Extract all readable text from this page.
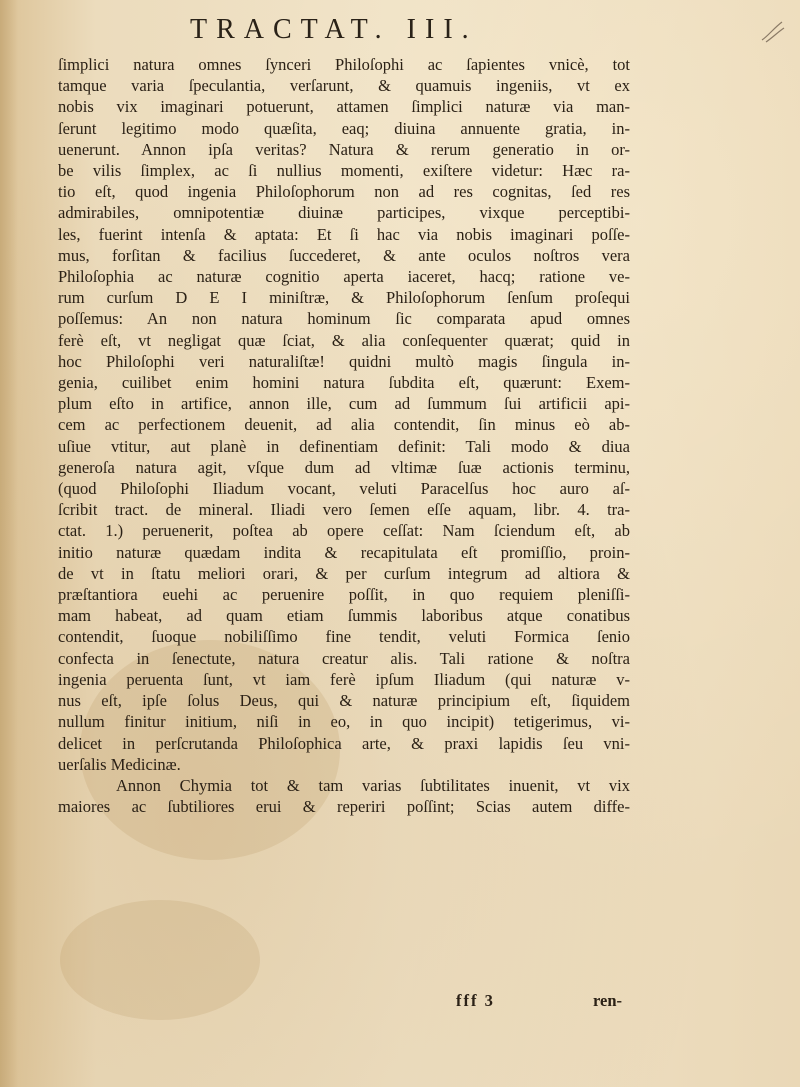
TRACTAT. III.
ſimplici natura omnes ſynceri Philoſophi ac ſapientes vnicè, tot
tamque varia ſpeculantia, verſarunt, & quamuis ingeniis, vt ex
nobis vix imaginari potuerunt, attamen ſimplici naturæ via man-
ſerunt legitimo modo quæſita, eaq; diuina annuente gratia, in-
uenerunt. Annon ipſa veritas? Natura & rerum generatio in or-
be vilis ſimplex, ac ſi nullius momenti, exiſtere videtur: Hæc ra-
tio eſt, quod ingenia Philoſophorum non ad res cognitas, ſed res
admirabiles, omnipotentiæ diuinæ participes, vixque perceptibi-
les, fuerint intenſa & aptata: Et ſi hac via nobis imaginari poſſe-
mus, forſitan & facilius ſuccederet, & ante oculos noſtros vera
Philoſophia ac naturæ cognitio aperta iaceret, hacq; ratione ve-
rum curſum D E I miniſtræ, & Philoſophorum ſenſum proſequi
poſſemus: An non natura hominum ſic comparata apud omnes
ferè eſt, vt negligat quæ ſciat, & alia conſequenter quærat; quid in
hoc Philoſophi veri naturaliſtæ! quidni multò magis ſingula in-
genia, cuilibet enim homini natura ſubdita eſt, quærunt: Exem-
plum eſto in artifice, annon ille, cum ad ſummum ſui artificii api-
cem ac perfectionem deuenit, ad alia contendit, ſin minus eò ab-
uſiue vtitur, aut planè in definentiam definit: Tali modo & diua
generoſa natura agit, vſque dum ad vltimæ ſuæ actionis terminu,
(quod Philoſophi Iliadum vocant, veluti Paracelſus hoc auro aſ-
ſcribit tract. de mineral. Iliadi vero ſemen eſſe aquam, libr. 4. tra-
ctat. 1.) peruenerit, poſtea ab opere ceſſat: Nam ſciendum eſt, ab
initio naturæ quædam indita & recapitulata eſt promiſſio, proin-
de vt in ſtatu meliori orari, & per curſum integrum ad altiora &
præſtantiora euehi ac peruenire poſſit, in quo requiem pleniſſi-
mam habeat, ad quam etiam ſummis laboribus atque conatibus
contendit, ſuoque nobiliſſimo fine tendit, veluti Formica ſenio
confecta in ſenectute, natura creatur alis. Tali ratione & noſtra
ingenia peruenta ſunt, vt iam ferè ipſum Iliadum (qui naturæ v-
nus eſt, ipſe ſolus Deus, qui & naturæ principium eſt, ſiquidem
nullum finitur initium, niſi in eo, in quo incipit) tetigerimus, vi-
delicet in perſcrutanda Philoſophica arte, & praxi lapidis ſeu vni-
uerſalis Medicinæ.
Annon Chymia tot & tam varias ſubtilitates inuenit, vt vix
maiores ac ſubtiliores erui & reperiri poſſint; Scias autem diffe-
fff 3	ren-
